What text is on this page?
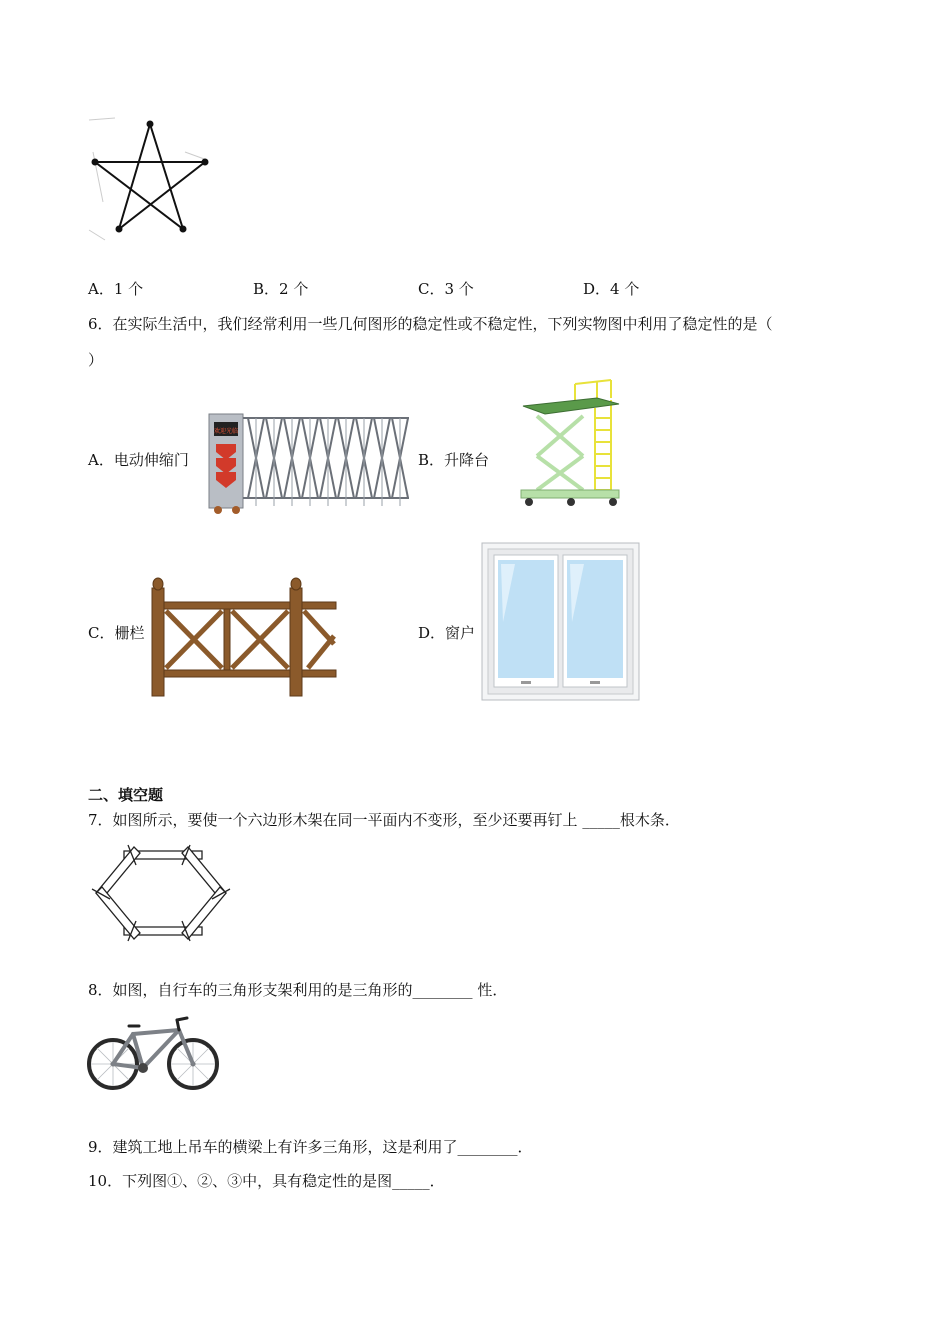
A．1 个	B．2 个	C．3 个	D．4 个
6．在实际生活中，我们经常利用一些几何图形的稳定性或不稳定性，下列实物图中利用了稳定性的是（
）
A．电动伸缩门
欢迎光临
B．升降台
C．栅栏	D．窗户
二、填空题
7．如图所示，要使一个六边形木架在同一平面内不变形，至少还要再钉上 _____根木条．
8．如图，自行车的三角形支架利用的是三角形的________ 性．
9．建筑工地上吊车的横梁上有许多三角形，这是利用了________．
10．下列图①、②、③中，具有稳定性的是图_____．
